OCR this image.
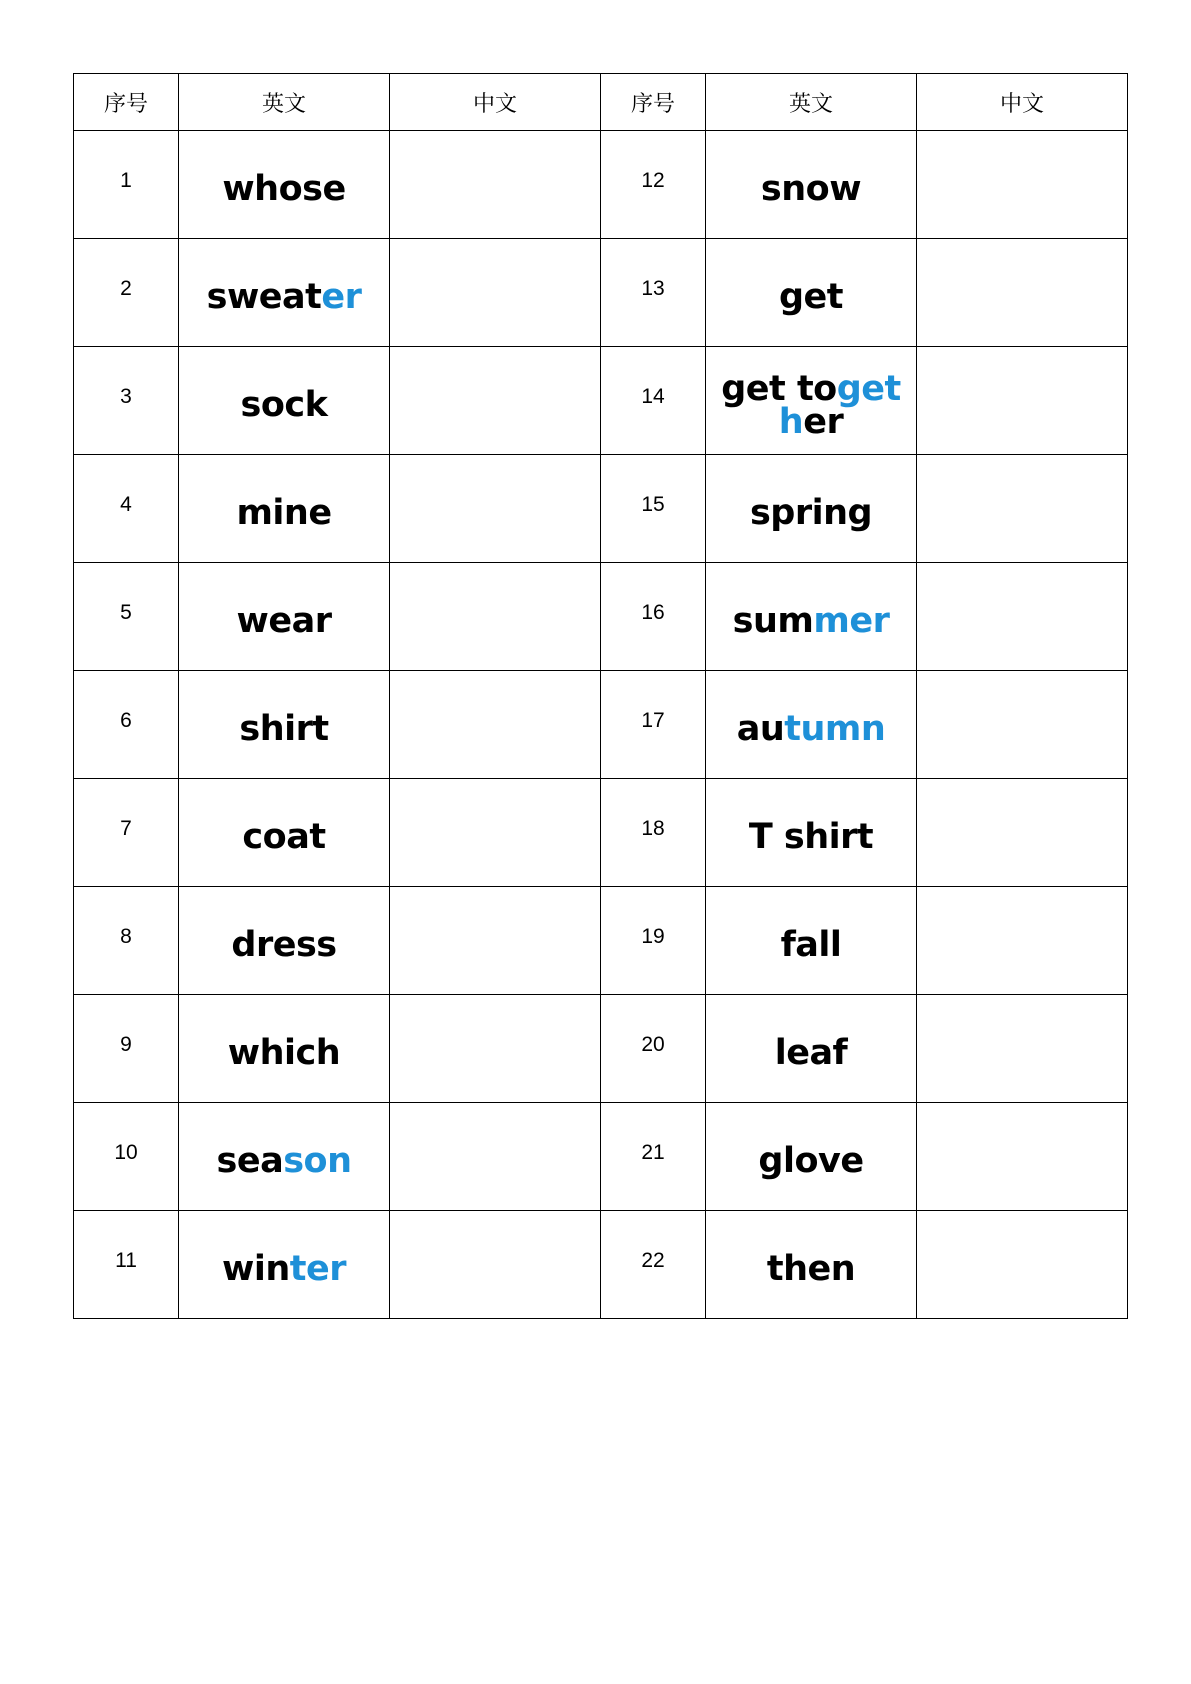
序号	英文	中文	序号	英文	中文
1	whose		12	snow	
2	sweater		13	get	
3	sock		14	get together	
4	mine		15	spring	
5	wear		16	summer	
6	shirt		17	autumn	
7	coat		18	T shirt	
8	dress		19	fall	
9	which		20	leaf	
10	season		21	glove	
11	winter		22	then	
